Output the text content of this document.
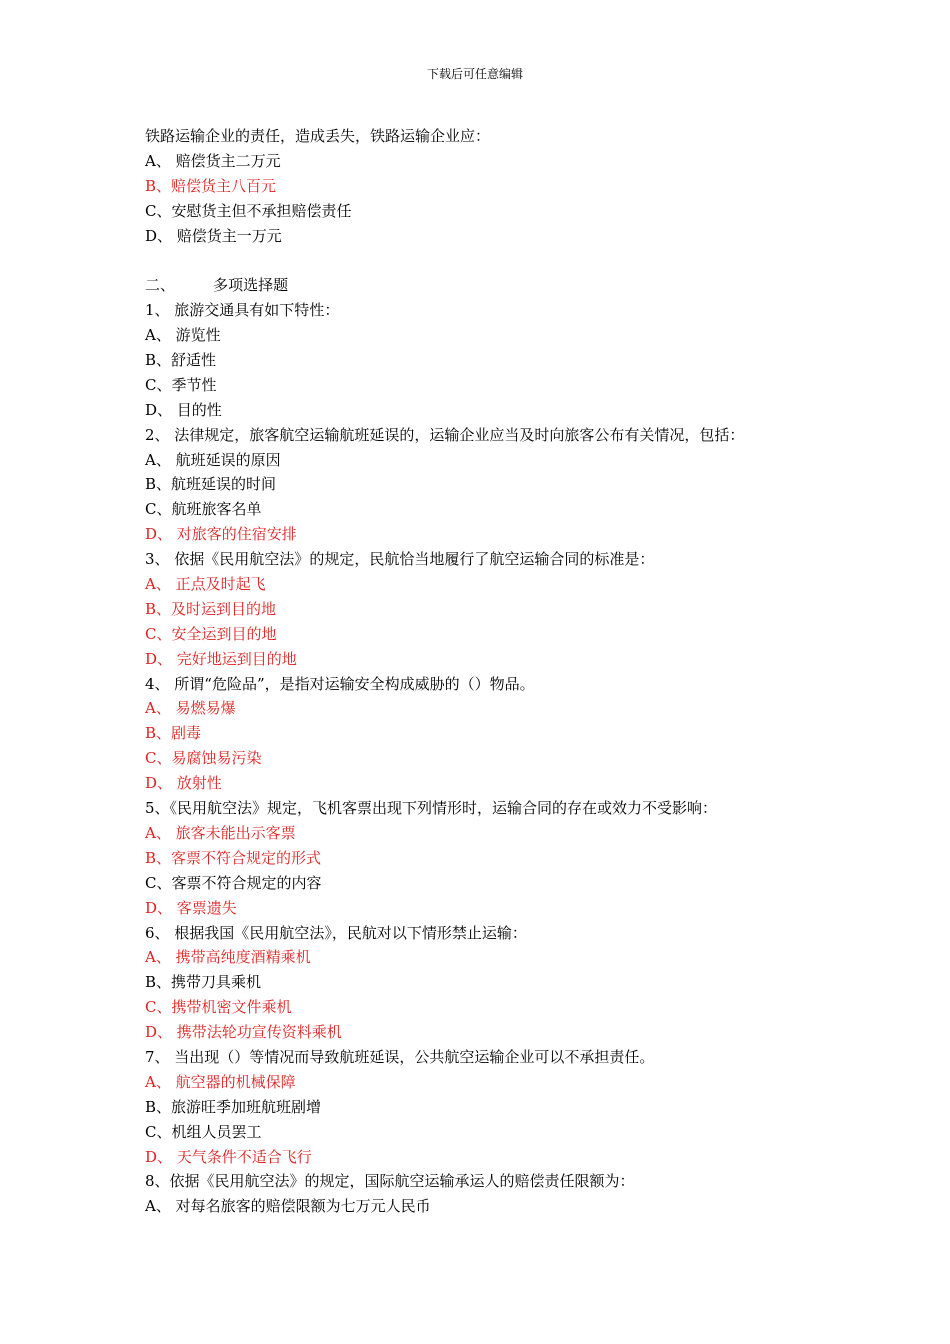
下载后可任意编辑
铁路运输企业的责任，造成丢失，铁路运输企业应：
A、 赔偿货主二万元
B、赔偿货主八百元
C、安慰货主但不承担赔偿责任
D、 赔偿货主一万元
二、        多项选择题
1、 旅游交通具有如下特性：
A、 游览性
B、舒适性
C、季节性
D、 目的性
2、 法律规定，旅客航空运输航班延误的，运输企业应当及时向旅客公布有关情况，包括：
A、 航班延误的原因
B、航班延误的时间
C、航班旅客名单
D、 对旅客的住宿安排
3、 依据《民用航空法》的规定，民航恰当地履行了航空运输合同的标准是：
A、 正点及时起飞
B、及时运到目的地
C、安全运到目的地
D、 完好地运到目的地
4、 所谓“危险品”，是指对运输安全构成威胁的（）物品。
A、 易燃易爆
B、剧毒
C、易腐蚀易污染
D、 放射性
5、《民用航空法》规定，飞机客票出现下列情形时，运输合同的存在或效力不受影响：
A、 旅客未能出示客票
B、客票不符合规定的形式
C、客票不符合规定的内容
D、 客票遗失
6、 根据我国《民用航空法》，民航对以下情形禁止运输：
A、 携带高纯度酒精乘机
B、携带刀具乘机
C、携带机密文件乘机
D、 携带法轮功宣传资料乘机
7、 当出现（）等情况而导致航班延误，公共航空运输企业可以不承担责任。
A、 航空器的机械保障
B、旅游旺季加班航班剧增
C、机组人员罢工
D、 天气条件不适合飞行
8、依据《民用航空法》的规定，国际航空运输承运人的赔偿责任限额为：
A、 对每名旅客的赔偿限额为七万元人民币
